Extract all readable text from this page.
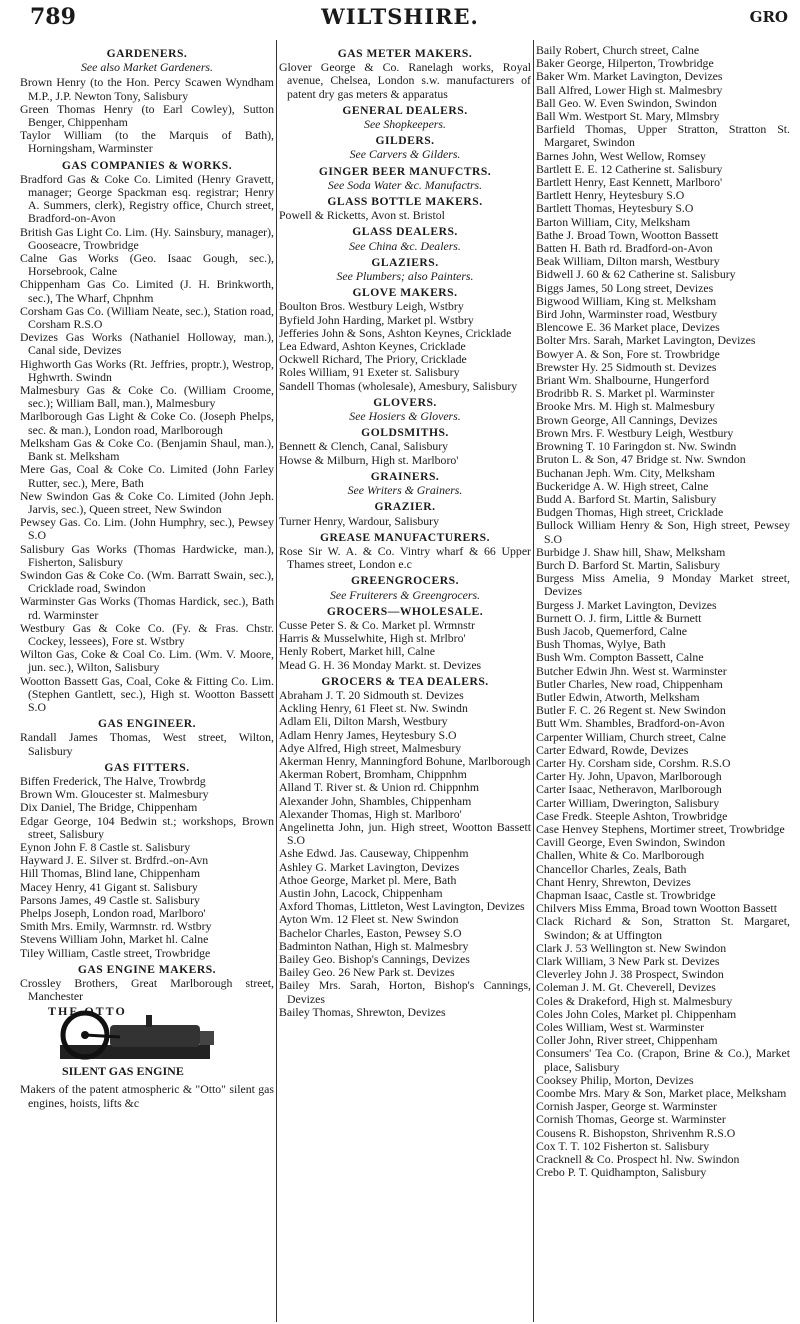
789	WILTSHIRE.	GRO
GARDENERS.
See also Market Gardeners.
Brown Henry (to the Hon. Percy Scawen Wyndham M.P., J.P. Newton Tony, Salisbury
Green Thomas Henry (to Earl Cowley), Sutton Benger, Chippenham
Taylor William (to the Marquis of Bath), Horningsham, Warminster
GAS COMPANIES & WORKS.
Bradford Gas & Coke Co. Limited (Henry Gravett, manager; George Spackman esq. registrar; Henry A. Summers, clerk), Registry office, Church street, Bradford-on-Avon
British Gas Light Co. Lim. (Hy. Sainsbury, manager), Gooseacre, Trowbridge
Calne Gas Works (Geo. Isaac Gough, sec.), Horsebrook, Calne
Chippenham Gas Co. Limited (J. H. Brinkworth, sec.), The Wharf, Chpnhm
Corsham Gas Co. (William Neate, sec.), Station road, Corsham R.S.O
Devizes Gas Works (Nathaniel Holloway, man.), Canal side, Devizes
Highworth Gas Works (Rt. Jeffries, proptr.), Westrop, Hghwrth. Swindn
Malmesbury Gas & Coke Co. (William Croome, sec.); William Ball, man.), Malmesbury
Marlborough Gas Light & Coke Co. (Joseph Phelps, sec. & man.), London road, Marlborough
Melksham Gas & Coke Co. (Benjamin Shaul, man.), Bank st. Melksham
Mere Gas, Coal & Coke Co. Limited (John Farley Rutter, sec.), Mere, Bath
New Swindon Gas & Coke Co. Limited (John Jeph. Jarvis, sec.), Queen street, New Swindon
Pewsey Gas. Co. Lim. (John Humphry, sec.), Pewsey S.O
Salisbury Gas Works (Thomas Hardwicke, man.), Fisherton, Salisbury
Swindon Gas & Coke Co. (Wm. Barratt Swain, sec.), Cricklade road, Swindon
Warminster Gas Works (Thomas Hardick, sec.), Bath rd. Warminster
Westbury Gas & Coke Co. (Fy. & Fras. Chstr. Cockey, lessees), Fore st. Wstbry
Wilton Gas, Coke & Coal Co. Lim. (Wm. V. Moore, jun. sec.), Wilton, Salisbury
Wootton Bassett Gas, Coal, Coke & Fitting Co. Lim. (Stephen Gantlett, sec.), High st. Wootton Bassett S.O
GAS ENGINEER.
Randall James Thomas, West street, Wilton, Salisbury
GAS FITTERS.
Biffen Frederick, The Halve, Trowbrdg
Brown Wm. Gloucester st. Malmesbury
Dix Daniel, The Bridge, Chippenham
Edgar George, 104 Bedwin st.; workshops, Brown street, Salisbury
Eynon John F. 8 Castle st. Salisbury
Hayward J. E. Silver st. Brdfrd.-on-Avn
Hill Thomas, Blind lane, Chippenham
Macey Henry, 41 Gigant st. Salisbury
Parsons James, 49 Castle st. Salisbury
Phelps Joseph, London road, Marlboro'
Smith Mrs. Emily, Warmnstr. rd. Wstbry
Stevens William John, Market hl. Calne
Tiley William, Castle street, Trowbridge
GAS ENGINE MAKERS.
Crossley Brothers, Great Marlborough street, Manchester
THE OTTO
SILENT GAS ENGINE
Makers of the patent atmospheric & "Otto" silent gas engines, hoists, lifts &c
GAS METER MAKERS.
Glover George & Co. Ranelagh works, Royal avenue, Chelsea, London s.w. manufacturers of patent dry gas meters & apparatus
GENERAL DEALERS.
See Shopkeepers.
GILDERS.
See Carvers & Gilders.
GINGER BEER MANUFCTRS.
See Soda Water &c. Manufactrs.
GLASS BOTTLE MAKERS.
Powell & Ricketts, Avon st. Bristol
GLASS DEALERS.
See China &c. Dealers.
GLAZIERS.
See Plumbers; also Painters.
GLOVE MAKERS.
Boulton Bros. Westbury Leigh, Wstbry
Byfield John Harding, Market pl. Wstbry
Jefferies John & Sons, Ashton Keynes, Cricklade
Lea Edward, Ashton Keynes, Cricklade
Ockwell Richard, The Priory, Cricklade
Roles William, 91 Exeter st. Salisbury
Sandell Thomas (wholesale), Amesbury, Salisbury
GLOVERS.
See Hosiers & Glovers.
GOLDSMITHS.
Bennett & Clench, Canal, Salisbury
Howse & Milburn, High st. Marlboro'
GRAINERS.
See Writers & Grainers.
GRAZIER.
Turner Henry, Wardour, Salisbury
GREASE MANUFACTURERS.
Rose Sir W. A. & Co. Vintry wharf & 66 Upper Thames street, London e.c
GREENGROCERS.
See Fruiterers & Greengrocers.
GROCERS—WHOLESALE.
Cusse Peter S. & Co. Market pl. Wrmnstr
Harris & Musselwhite, High st. Mrlbro'
Henly Robert, Market hill, Calne
Mead G. H. 36 Monday Markt. st. Devizes
GROCERS & TEA DEALERS.
Abraham J. T. 20 Sidmouth st. Devizes
Ackling Henry, 61 Fleet st. Nw. Swindn
Adlam Eli, Dilton Marsh, Westbury
Adlam Henry James, Heytesbury S.O
Adye Alfred, High street, Malmesbury
Akerman Henry, Manningford Bohune, Marlborough
Akerman Robert, Bromham, Chippnhm
Alland T. River st. & Union rd. Chippnhm
Alexander John, Shambles, Chippenham
Alexander Thomas, High st. Marlboro'
Angelinetta John, jun. High street, Wootton Bassett S.O
Ashe Edwd. Jas. Causeway, Chippenhm
Ashley G. Market Lavington, Devizes
Athoe George, Market pl. Mere, Bath
Austin John, Lacock, Chippenham
Axford Thomas, Littleton, West Lavington, Devizes
Ayton Wm. 12 Fleet st. New Swindon
Bachelor Charles, Easton, Pewsey S.O
Badminton Nathan, High st. Malmesbry
Bailey Geo. Bishop's Cannings, Devizes
Bailey Geo. 26 New Park st. Devizes
Bailey Mrs. Sarah, Horton, Bishop's Cannings, Devizes
Bailey Thomas, Shrewton, Devizes
Baily Robert, Church street, Calne
Baker George, Hilperton, Trowbridge
Baker Wm. Market Lavington, Devizes
Ball Alfred, Lower High st. Malmesbry
Ball Geo. W. Even Swindon, Swindon
Ball Wm. Westport St. Mary, Mlmsbry
Barfield Thomas, Upper Stratton, Stratton St. Margaret, Swindon
Barnes John, West Wellow, Romsey
Bartlett E. E. 12 Catherine st. Salisbury
Bartlett Henry, East Kennett, Marlboro'
Bartlett Henry, Heytesbury S.O
Bartlett Thomas, Heytesbury S.O
Barton William, City, Melksham
Bathe J. Broad Town, Wootton Bassett
Batten H. Bath rd. Bradford-on-Avon
Beak William, Dilton marsh, Westbury
Bidwell J. 60 & 62 Catherine st. Salisbury
Biggs James, 50 Long street, Devizes
Bigwood William, King st. Melksham
Bird John, Warminster road, Westbury
Blencowe E. 36 Market place, Devizes
Bolter Mrs. Sarah, Market Lavington, Devizes
Bowyer A. & Son, Fore st. Trowbridge
Brewster Hy. 25 Sidmouth st. Devizes
Briant Wm. Shalbourne, Hungerford
Brodribb R. S. Market pl. Warminster
Brooke Mrs. M. High st. Malmesbury
Brown George, All Cannings, Devizes
Brown Mrs. F. Westbury Leigh, Westbury
Browning T. 10 Faringdon st. Nw. Swindn
Bruton L. & Son, 47 Bridge st. Nw. Swndon
Buchanan Jeph. Wm. City, Melksham
Buckeridge A. W. High street, Calne
Budd A. Barford St. Martin, Salisbury
Budgen Thomas, High street, Cricklade
Bullock William Henry & Son, High street, Pewsey S.O
Burbidge J. Shaw hill, Shaw, Melksham
Burch D. Barford St. Martin, Salisbury
Burgess Miss Amelia, 9 Monday Market street, Devizes
Burgess J. Market Lavington, Devizes
Burnett O. J. firm, Little & Burnett
Bush Jacob, Quemerford, Calne
Bush Thomas, Wylye, Bath
Bush Wm. Compton Bassett, Calne
Butcher Edwin Jhn. West st. Warminster
Butler Charles, New road, Chippenham
Butler Edwin, Atworth, Melksham
Butler F. C. 26 Regent st. New Swindon
Butt Wm. Shambles, Bradford-on-Avon
Carpenter William, Church street, Calne
Carter Edward, Rowde, Devizes
Carter Hy. Corsham side, Corshm. R.S.O
Carter Hy. John, Upavon, Marlborough
Carter Isaac, Netheravon, Marlborough
Carter William, Dwerington, Salisbury
Case Fredk. Steeple Ashton, Trowbridge
Case Henvey Stephens, Mortimer street, Trowbridge
Cavill George, Even Swindon, Swindon
Challen, White & Co. Marlborough
Chancellor Charles, Zeals, Bath
Chant Henry, Shrewton, Devizes
Chapman Isaac, Castle st. Trowbridge
Chilvers Miss Emma, Broad town Wootton Bassett
Clack Richard & Son, Stratton St. Margaret, Swindon; & at Uffington
Clark J. 53 Wellington st. New Swindon
Clark William, 3 New Park st. Devizes
Cleverley John J. 38 Prospect, Swindon
Coleman J. M. Gt. Cheverell, Devizes
Coles & Drakeford, High st. Malmesbury
Coles John Coles, Market pl. Chippenham
Coles William, West st. Warminster
Coller John, River street, Chippenham
Consumers' Tea Co. (Crapon, Brine & Co.), Market place, Salisbury
Cooksey Philip, Morton, Devizes
Coombe Mrs. Mary & Son, Market place, Melksham
Cornish Jasper, George st. Warminster
Cornish Thomas, George st. Warminster
Cousens R. Bishopston, Shrivenhm R.S.O
Cox T. T. 102 Fisherton st. Salisbury
Cracknell & Co. Prospect hl. Nw. Swindon
Crebo P. T. Quidhampton, Salisbury
